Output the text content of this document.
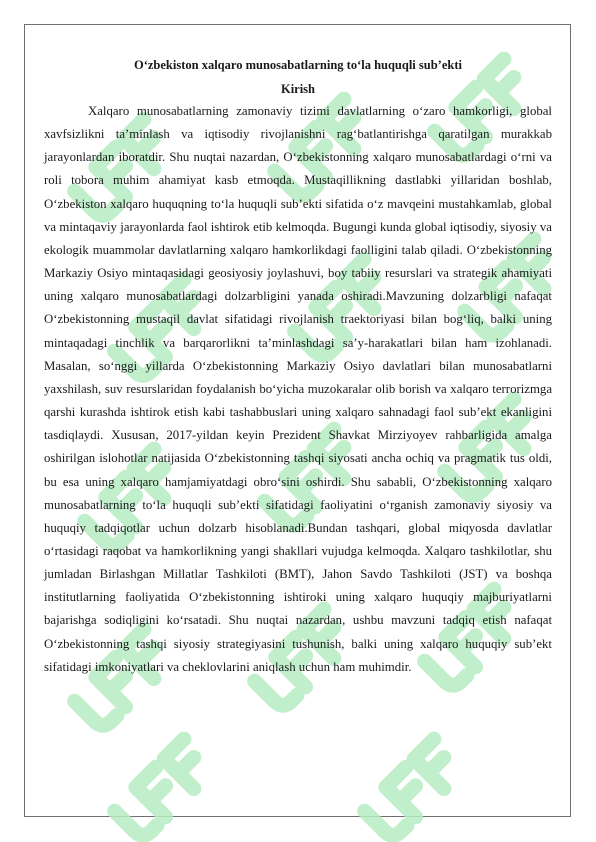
O‘zbekiston xalqaro munosabatlarning to‘la huquqli sub’ekti
Kirish

Xalqaro munosabatlarning zamonaviy tizimi davlatlarning o‘zaro hamkorligi, global xavfsizlikni ta’minlash va iqtisodiy rivojlanishni rag‘batlantirishga qaratilgan murakkab jarayonlardan iboratdir. Shu nuqtai nazardan, O‘zbekistonning xalqaro munosabatlardagi o‘rni va roli tobora muhim ahamiyat kasb etmoqda. Mustaqillikning dastlabki yillaridan boshlab, O‘zbekiston xalqaro huquqning to‘la huquqli sub’ekti sifatida o‘z mavqeini mustahkamlab, global va mintaqaviy jarayonlarda faol ishtirok etib kelmoqda. Bugungi kunda global iqtisodiy, siyosiy va ekologik muammolar davlatlarning xalqaro hamkorlikdagi faolligini talab qiladi. O‘zbekistonning Markaziy Osiyo mintaqasidagi geosiyosiy joylashuvi, boy tabiiy resurslari va strategik ahamiyati uning xalqaro munosabatlardagi dolzarbligini yanada oshiradi.Mavzuning dolzarbligi nafaqat O‘zbekistonning mustaqil davlat sifatidagi rivojlanish traektoriyasi bilan bog‘liq, balki uning mintaqadagi tinchlik va barqarorlikni ta’minlashdagi sa’y-harakatlari bilan ham izohlanadi. Masalan, so‘nggi yillarda O‘zbekistonning Markaziy Osiyo davlatlari bilan munosabatlarni yaxshilash, suv resurslaridan foydalanish bo‘yicha muzokaralar olib borish va xalqaro terrorizmga qarshi kurashda ishtirok etish kabi tashabbuslari uning xalqaro sahnadagi faol sub’ekt ekanligini tasdiqlaydi. Xususan, 2017-yildan keyin Prezident Shavkat Mirziyoyev rahbarligida amalga oshirilgan islohotlar natijasida O‘zbekistonning tashqi siyosati ancha ochiq va pragmatik tus oldi, bu esa uning xalqaro hamjamiyatdagi obro‘sini oshirdi. Shu sababli, O‘zbekistonning xalqaro munosabatlarning to‘la huquqli sub’ekti sifatidagi faoliyatini o‘rganish zamonaviy siyosiy va huquqiy tadqiqotlar uchun dolzarb hisoblanadi.Bundan tashqari, global miqyosda davlatlar o‘rtasidagi raqobat va hamkorlikning yangi shakllari vujudga kelmoqda. Xalqaro tashkilotlar, shu jumladan Birlashgan Millatlar Tashkiloti (BMT), Jahon Savdo Tashkiloti (JST) va boshqa institutlarning faoliyatida O‘zbekistonning ishtiroki uning xalqaro huquqiy majburiyatlarni bajarishga sodiqligini ko‘rsatadi. Shu nuqtai nazardan, ushbu mavzuni tadqiq etish nafaqat O‘zbekistonning tashqi siyosiy strategiyasini tushunish, balki uning xalqaro huquqiy sub’ekt sifatidagi imkoniyatlari va cheklovlarini aniqlash uchun ham muhimdir.
